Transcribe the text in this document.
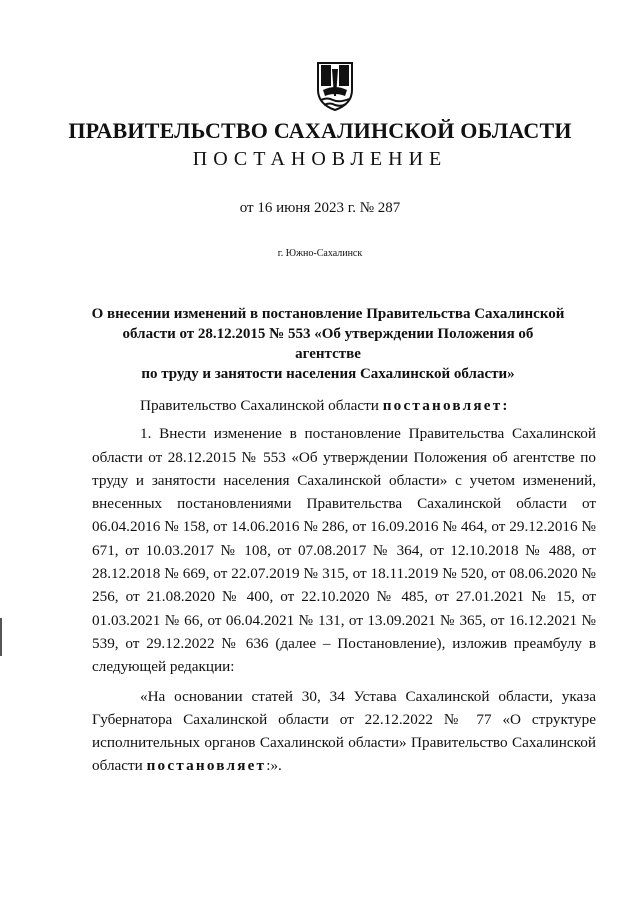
ПРАВИТЕЛЬСТВО САХАЛИНСКОЙ ОБЛАСТИ
ПОСТАНОВЛЕНИЕ
от 16 июня 2023 г. № 287
г. Южно-Сахалинск
О внесении изменений в постановление Правительства Сахалинской
области от 28.12.2015 № 553 «Об утверждении Положения об агентстве
по труду и занятости населения Сахалинской области»

Правительство Сахалинской области постановляет:

1. Внести изменение в постановление Правительства Сахалинской области от 28.12.2015 № 553 «Об утверждении Положения об агентстве по труду и занятости населения Сахалинской области» с учетом изменений, внесенных постановлениями Правительства Сахалинской области от 06.04.2016 № 158, от 14.06.2016 № 286, от 16.09.2016 № 464, от 29.12.2016 № 671, от 10.03.2017 № 108, от 07.08.2017 № 364, от 12.10.2018 № 488, от 28.12.2018 № 669, от 22.07.2019 № 315, от 18.11.2019 № 520, от 08.06.2020 № 256, от 21.08.2020 № 400, от 22.10.2020 № 485, от 27.01.2021 № 15, от 01.03.2021 № 66, от 06.04.2021 № 131, от 13.09.2021 № 365, от 16.12.2021 № 539, от 29.12.2022 № 636 (далее – Постановление), изложив преамбулу в следующей редакции:

«На основании статей 30, 34 Устава Сахалинской области, указа Губернатора Сахалинской области от 22.12.2022 № 77 «О структуре исполнительных органов Сахалинской области» Правительство Сахалинской области постановляет:».
